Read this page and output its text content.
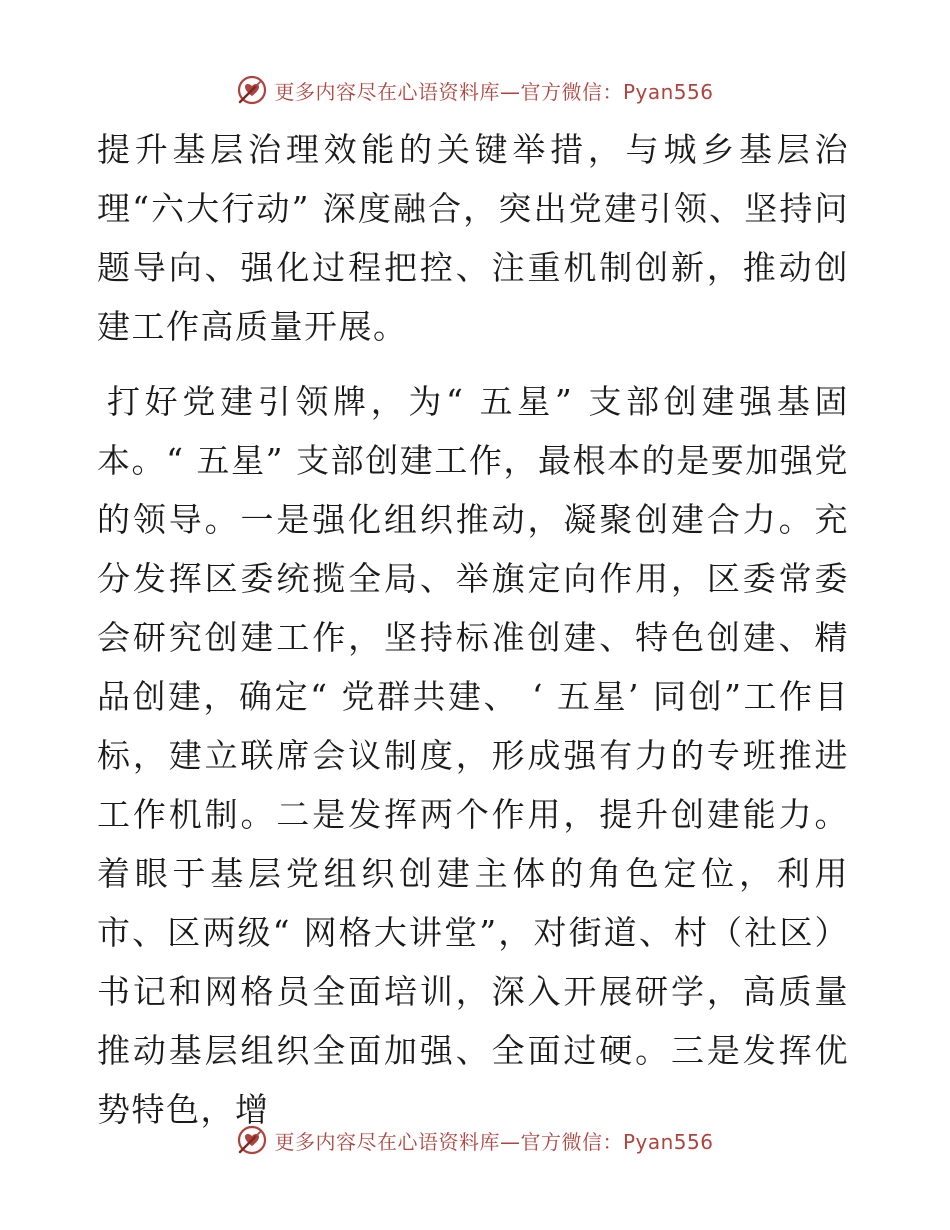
更多内容尽在心语资料库—官方微信：Pyan556

提升基层治理效能的关键举措，与城乡基层治理“六大行动” 深度融合，突出党建引领、坚持问题导向、强化过程把控、注重机制创新，推动创建工作高质量开展。

打好党建引领牌，为“ 五星” 支部创建强基固本。“ 五星” 支部创建工作，最根本的是要加强党的领导。一是强化组织推动，凝聚创建合力。充分发挥区委统揽全局、举旗定向作用，区委常委会研究创建工作，坚持标准创建、特色创建、精品创建，确定“ 党群共建、 ‘ 五星’ 同创”工作目标，建立联席会议制度，形成强有力的专班推进工作机制。二是发挥两个作用，提升创建能力。着眼于基层党组织创建主体的角色定位，利用市、区两级“ 网格大讲堂”，对街道、村（社区）书记和网格员全面培训，深入开展研学，高质量推动基层组织全面加强、全面过硬。三是发挥优势特色，增

更多内容尽在心语资料库—官方微信：Pyan556
